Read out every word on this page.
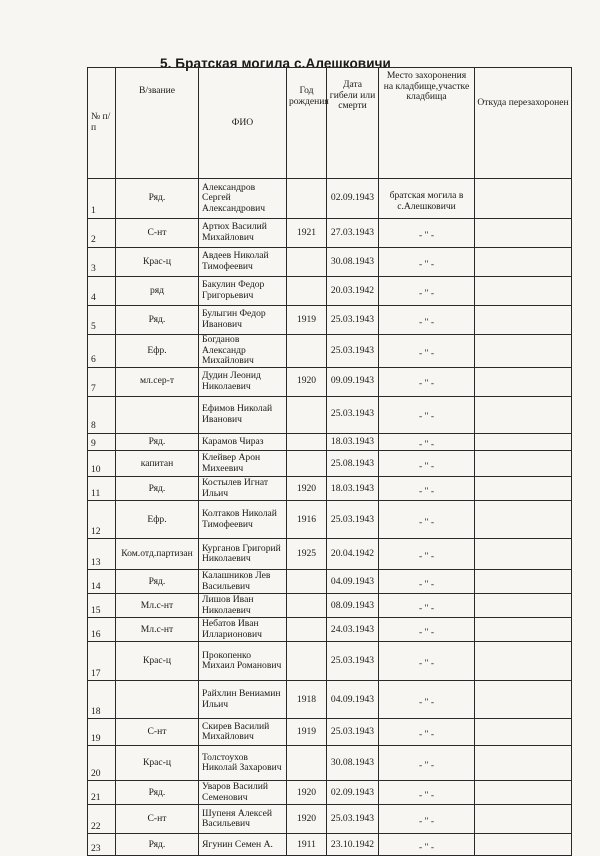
5. Братская могила с.Алешковичи
№ п/п	В/звание	ФИО	Год рождения	Дата гибели или смерти	Место захоронения на кладбище,участке кладбища	Откуда перезахоронен
1	Ряд.	Александров Сергей Александрович		02.09.1943	братская могила в с.Алешковичи	
2	С-нт	Артюх Василий Михайлович	1921	27.03.1943	- " -	
3	Крас-ц	Авдеев Николай Тимофеевич		30.08.1943	- " -	
4	ряд	Бакулин Федор Григорьевич		20.03.1942	- " -	
5	Ряд.	Булыгин Федор Иванович	1919	25.03.1943	- " -	
6	Ефр.	Богданов Александр Михайлович		25.03.1943	- " -	
7	мл.сер-т	Дудин Леонид Николаевич	1920	09.09.1943	- " -	
8		Ефимов Николай Иванович		25.03.1943	- " -	
9	Ряд.	Карамов Чираз		18.03.1943	- " -	
10	капитан	Клейвер Арон Михеевич		25.08.1943	- " -	
11	Ряд.	Костылев Игнат Ильич	1920	18.03.1943	- " -	
12	Ефр.	Колтаков Николай Тимофеевич	1916	25.03.1943	- " -	
13	Ком.отд.партизан	Курганов Григорий Николаевич	1925	20.04.1942	- " -	
14	Ряд.	Калашников Лев Васильевич		04.09.1943	- " -	
15	Мл.с-нт	Лишов Иван Николаевич		08.09.1943	- " -	
16	Мл.с-нт	Небатов Иван Илларионович		24.03.1943	- " -	
17	Крас-ц	Прокопенко Михаил Романович		25.03.1943	- " -	
18		Райхлин Вениамин Ильич	1918	04.09.1943	- " -	
19	С-нт	Скирев Василий Михайлович	1919	25.03.1943	- " -	
20	Крас-ц	Толстоухов Николай Захарович		30.08.1943	- " -	
21	Ряд.	Уваров Василий Семенович	1920	02.09.1943	- " -	
22	С-нт	Шупеня Алексей Васильевич	1920	25.03.1943	- " -	
23	Ряд.	Ягунин Семен А.	1911	23.10.1942	- " -	
